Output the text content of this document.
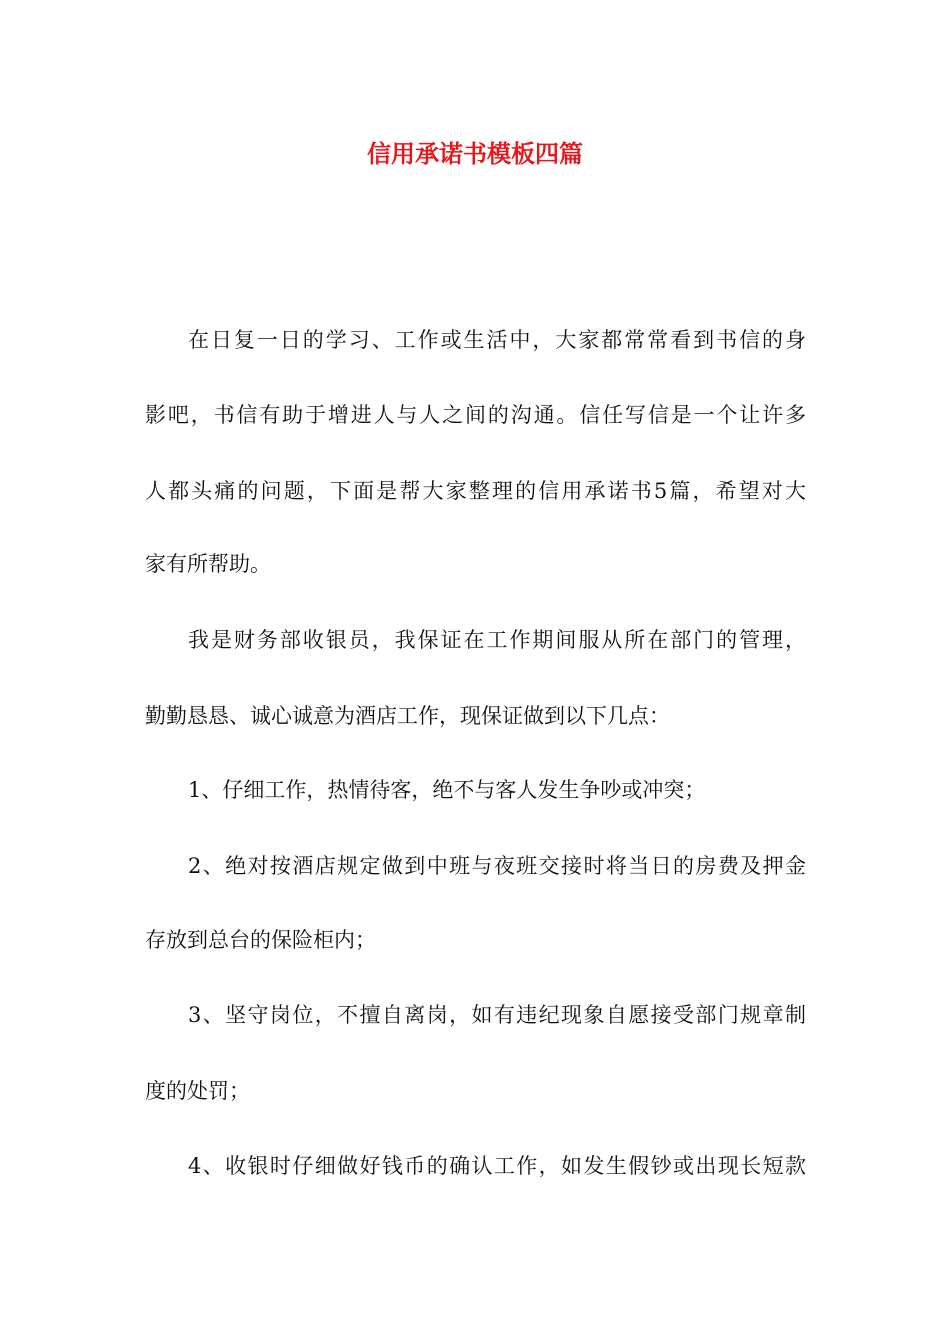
信用承诺书模板四篇
在日复一日的学习、工作或生活中，大家都常常看到书信的身
影吧，书信有助于增进人与人之间的沟通。信任写信是一个让许多
人都头痛的问题，下面是帮大家整理的信用承诺书5篇，希望对大
家有所帮助。
我是财务部收银员，我保证在工作期间服从所在部门的管理，
勤勤恳恳、诚心诚意为酒店工作，现保证做到以下几点：
1、仔细工作，热情待客，绝不与客人发生争吵或冲突；
2、绝对按酒店规定做到中班与夜班交接时将当日的房费及押金
存放到总台的保险柜内；
3、坚守岗位，不擅自离岗，如有违纪现象自愿接受部门规章制
度的处罚；
4、收银时仔细做好钱币的确认工作，如发生假钞或出现长短款
